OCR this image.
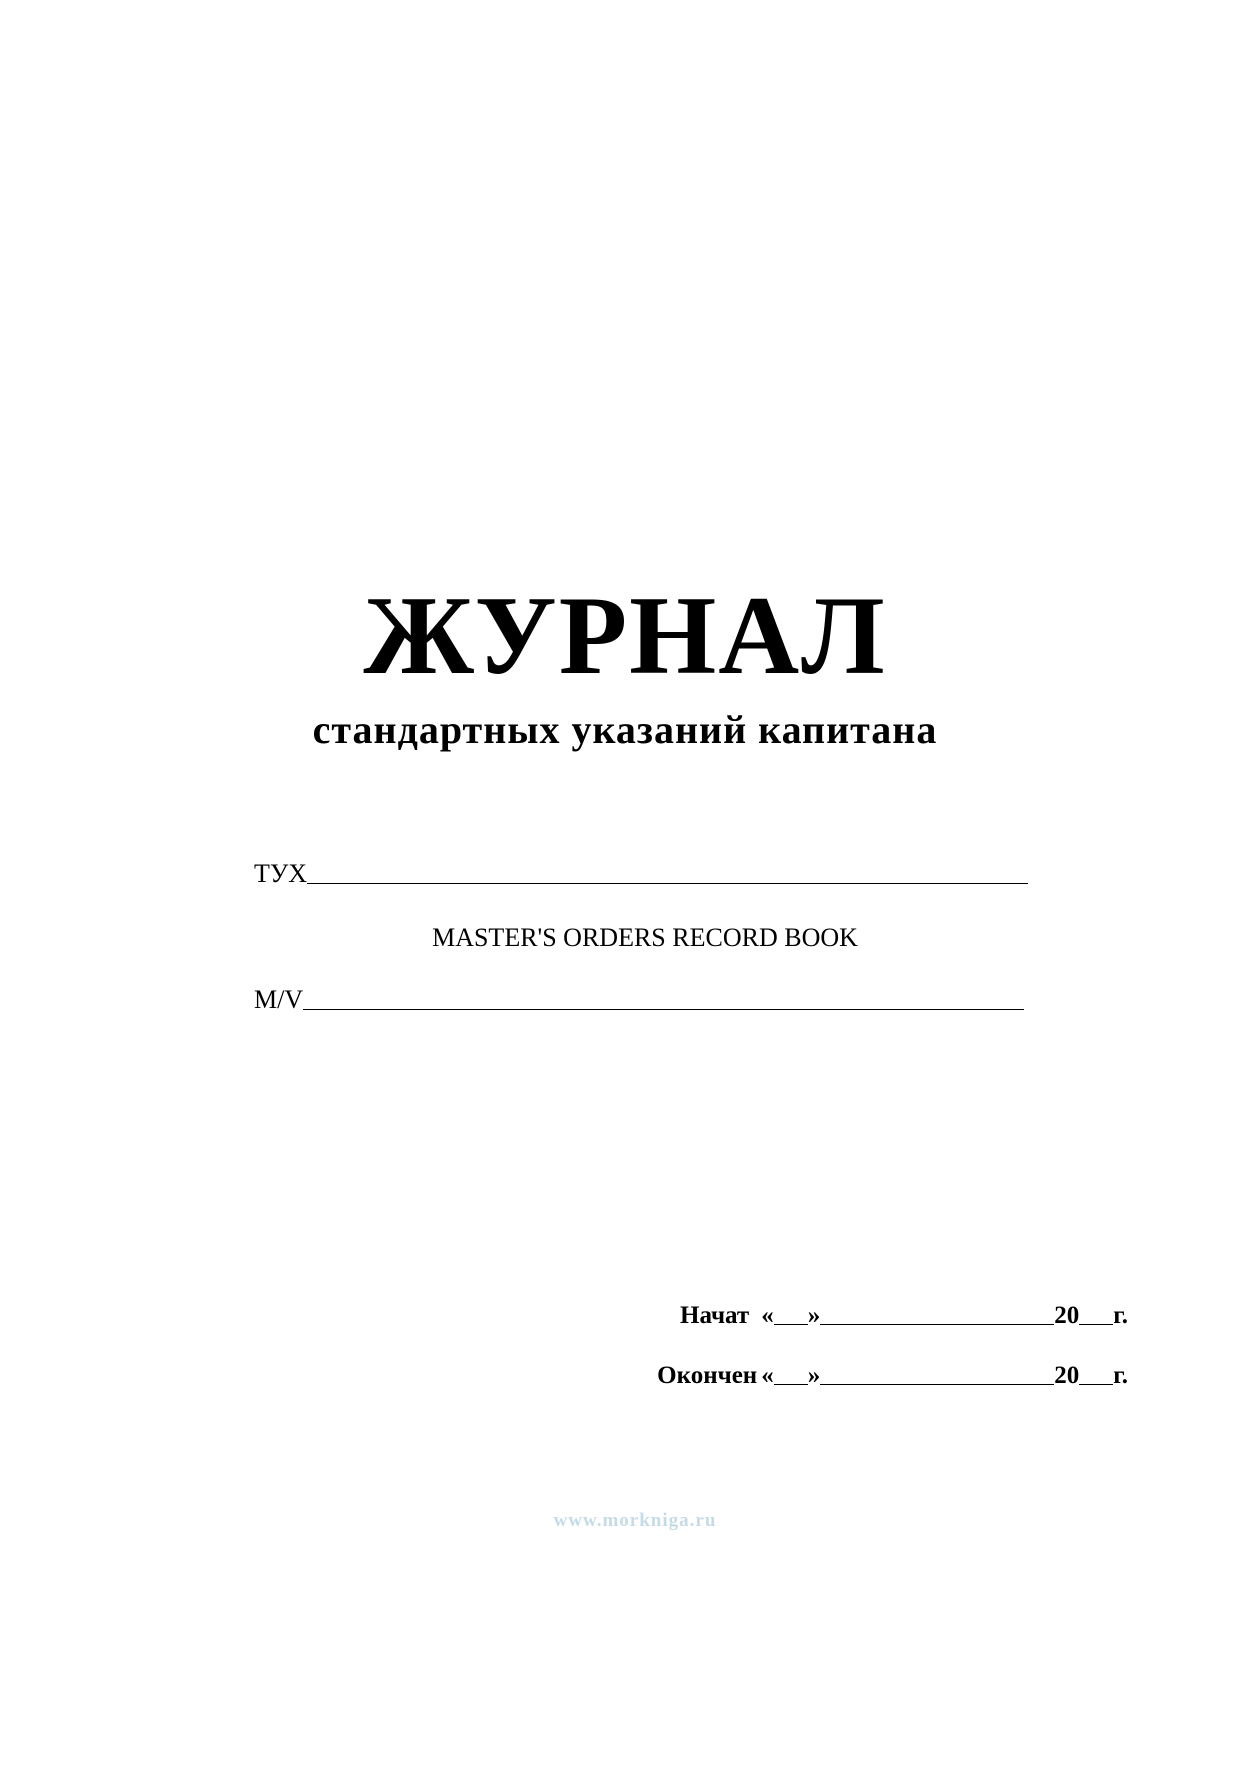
ЖУРНАЛ
стандартных указаний капитана
ТУХ
MASTER'S ORDERS RECORD BOOK
M/V
Начат « »	20 г.
Окончен « »	20 г.
www.morkniga.ru
